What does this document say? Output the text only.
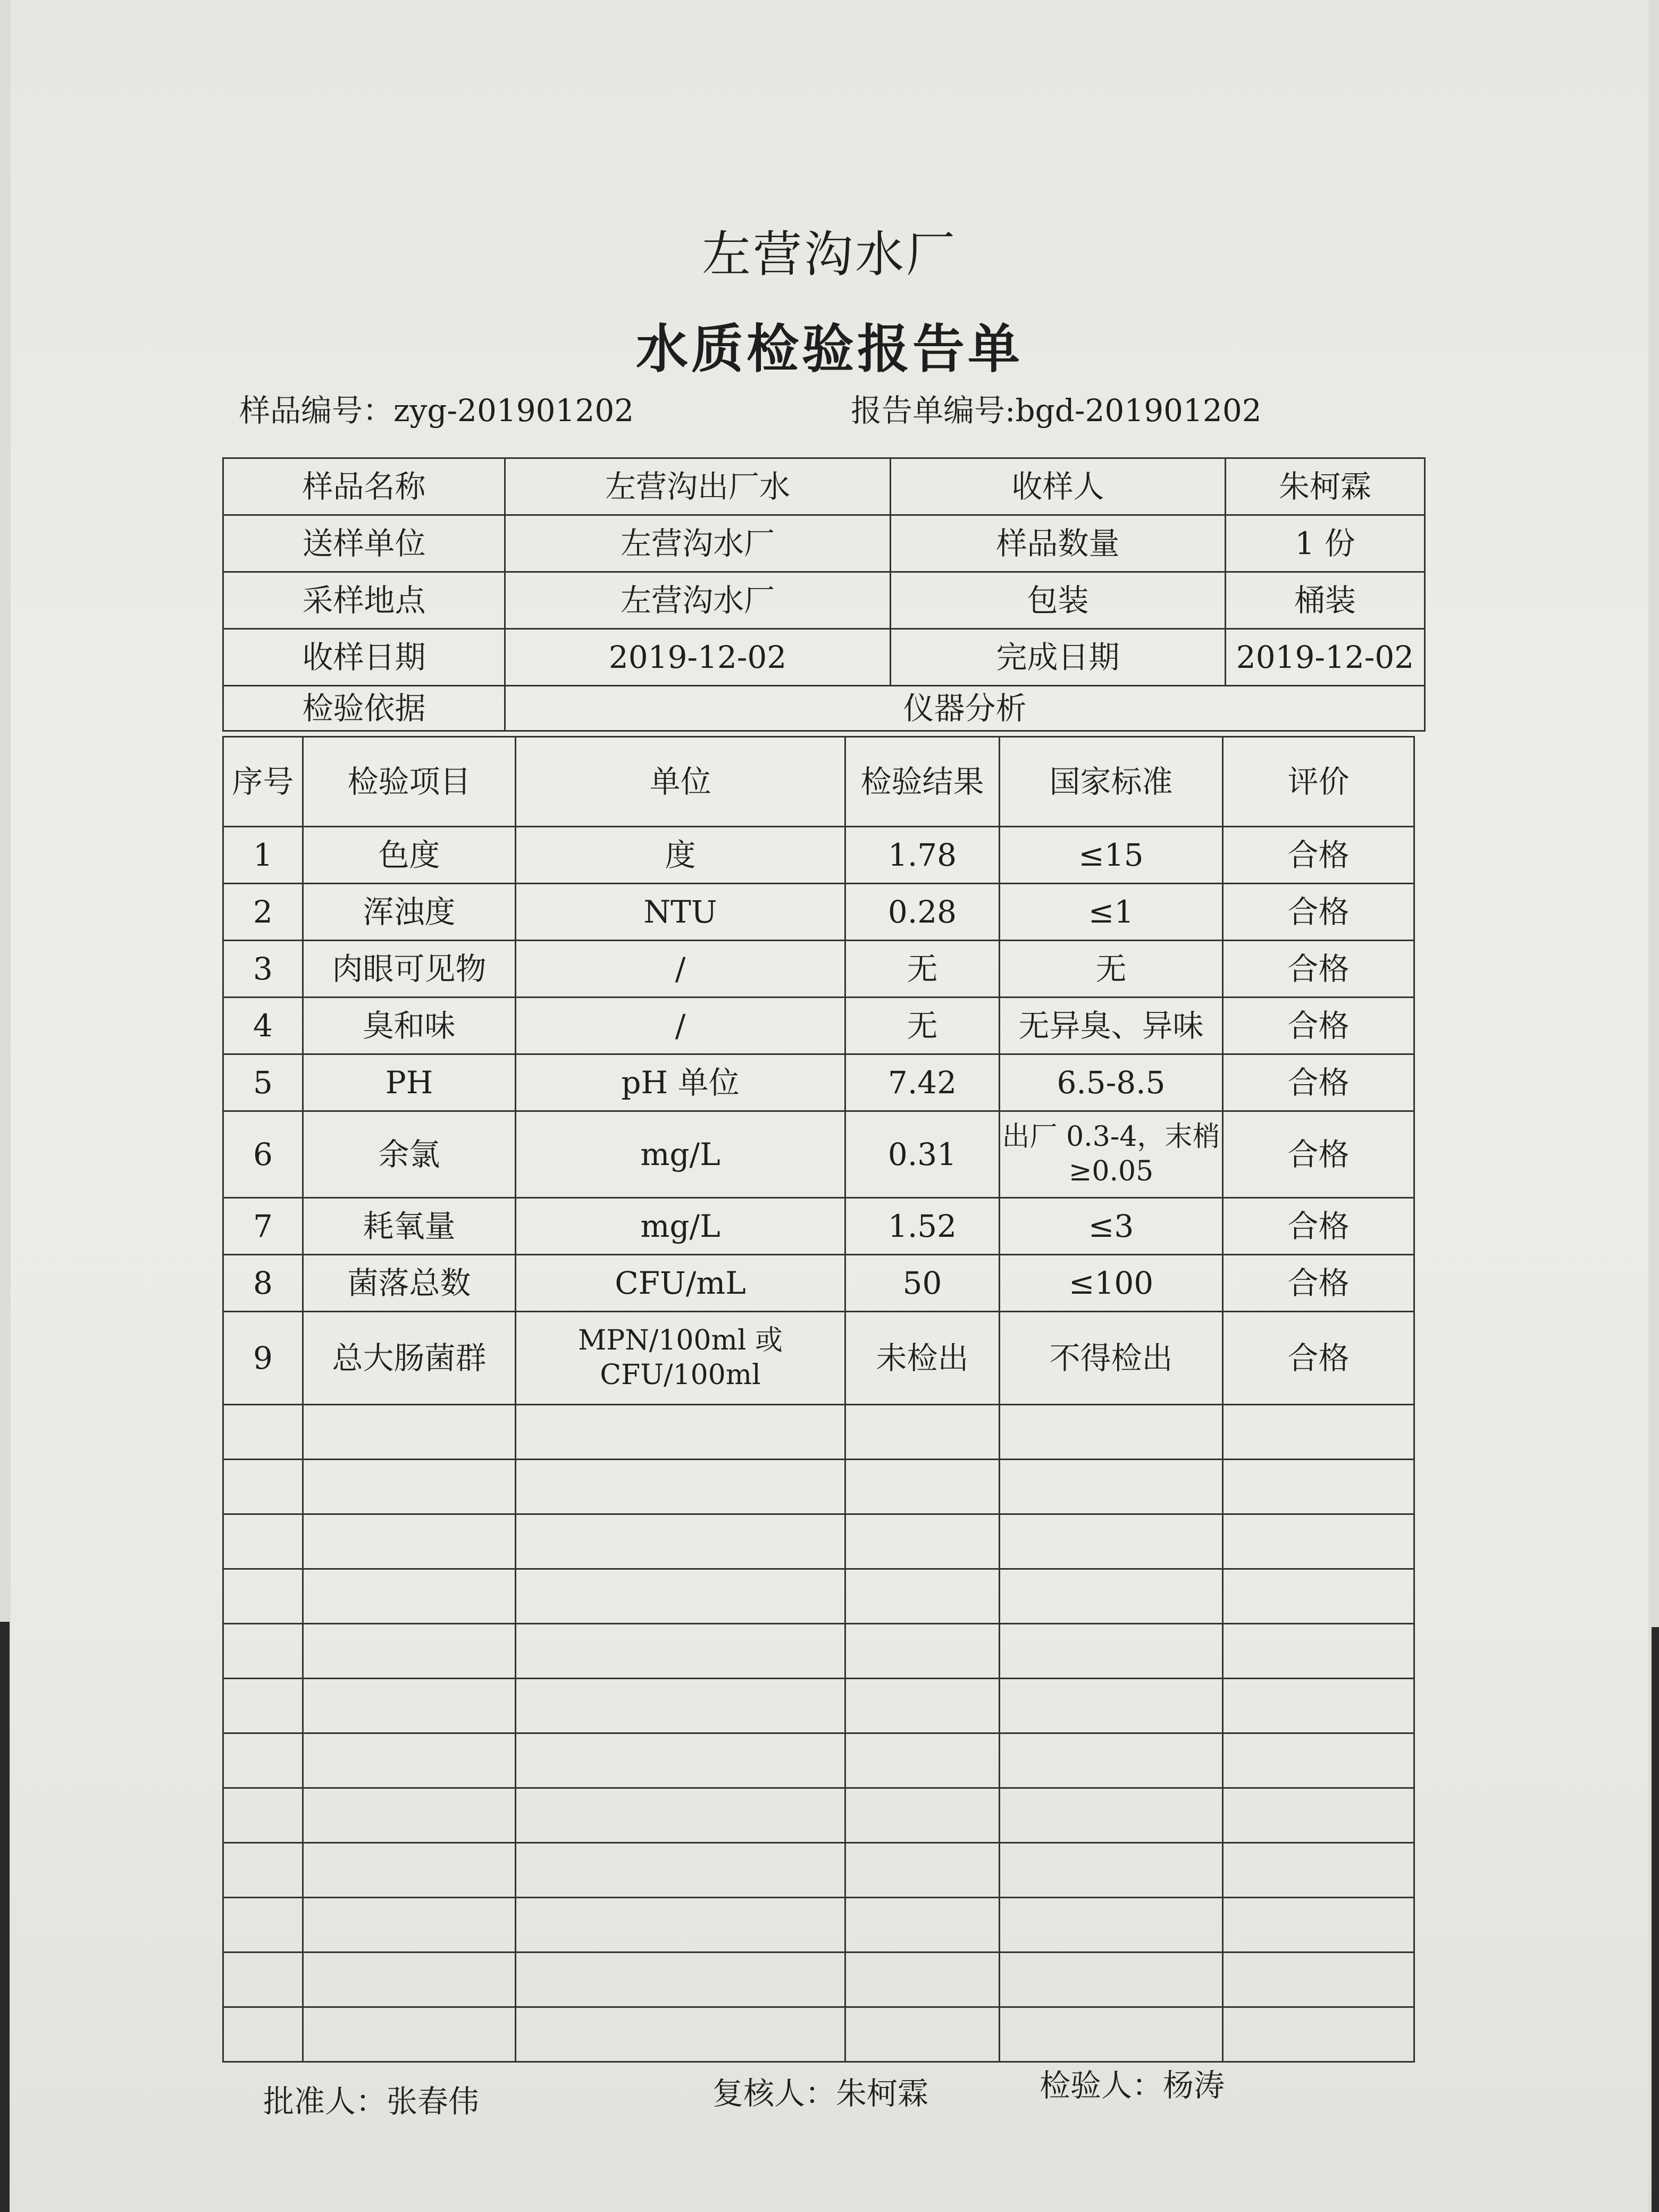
左营沟水厂
水质检验报告单
样品编号：zyg-201901202	报告单编号:bgd-201901202
样品名称	左营沟出厂水	收样人	朱柯霖
送样单位	左营沟水厂	样品数量	1 份
采样地点	左营沟水厂	包装	桶装
收样日期	2019-12-02	完成日期	2019-12-02
检验依据	仪器分析		
序号	检验项目	单位	检验结果	国家标准	评价
1	色度	度	1.78	≤15	合格
2	浑浊度	NTU	0.28	≤1	合格
3	肉眼可见物	/	无	无	合格
4	臭和味	/	无	无异臭、异味	合格
5	PH	pH 单位	7.42	6.5-8.5	合格
6	余氯	mg/L	0.31	出厂 0.3-4，末梢≥0.05	合格
7	耗氧量	mg/L	1.52	≤3	合格
8	菌落总数	CFU/mL	50	≤100	合格
9	总大肠菌群	MPN/100ml 或 CFU/100ml	未检出	不得检出	合格

批准人：张春伟	复核人：朱柯霖	检验人：杨涛
